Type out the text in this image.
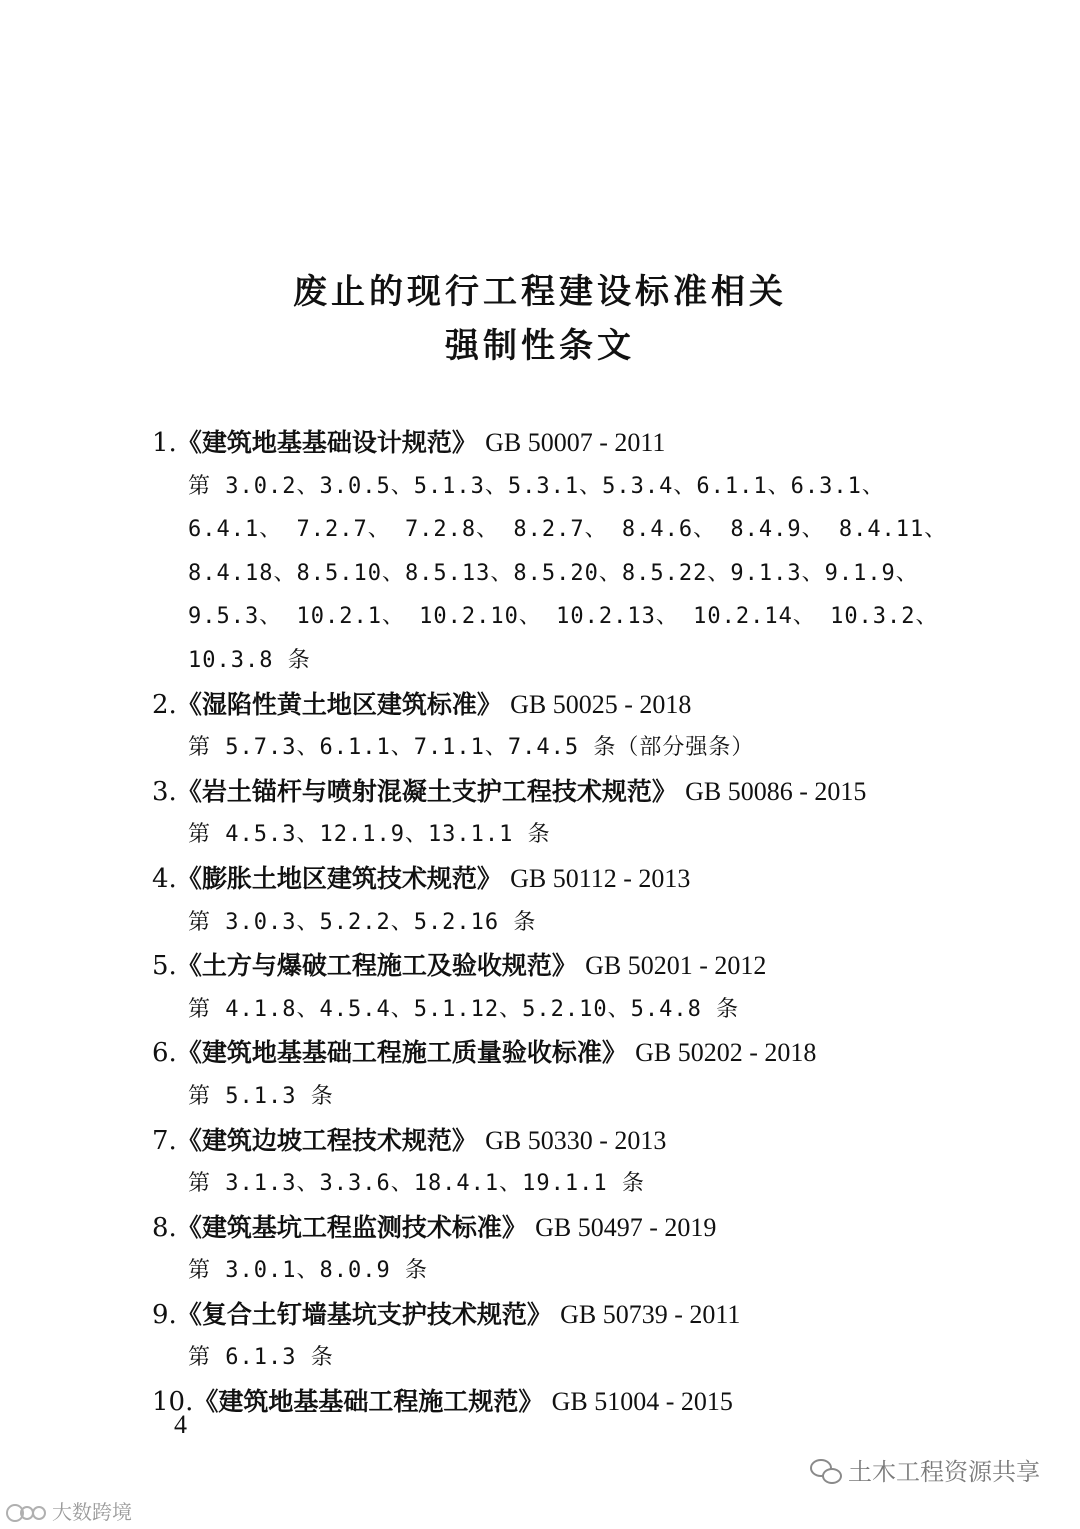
废止的现行工程建设标准相关
强制性条文
1.《建筑地基基础设计规范》 GB 50007 - 2011
第 3.0.2、3.0.5、5.1.3、5.3.1、5.3.4、6.1.1、6.3.1、
6.4.1、 7.2.7、 7.2.8、 8.2.7、 8.4.6、 8.4.9、 8.4.11、
8.4.18、8.5.10、8.5.13、8.5.20、8.5.22、9.1.3、9.1.9、
9.5.3、 10.2.1、 10.2.10、 10.2.13、 10.2.14、 10.3.2、
10.3.8 条
2.《湿陷性黄土地区建筑标准》 GB 50025 - 2018
第 5.7.3、6.1.1、7.1.1、7.4.5 条（部分强条）
3.《岩土锚杆与喷射混凝土支护工程技术规范》 GB 50086 - 2015
第 4.5.3、12.1.9、13.1.1 条
4.《膨胀土地区建筑技术规范》 GB 50112 - 2013
第 3.0.3、5.2.2、5.2.16 条
5.《土方与爆破工程施工及验收规范》 GB 50201 - 2012
第 4.1.8、4.5.4、5.1.12、5.2.10、5.4.8 条
6.《建筑地基基础工程施工质量验收标准》 GB 50202 - 2018
第 5.1.3 条
7.《建筑边坡工程技术规范》 GB 50330 - 2013
第 3.1.3、3.3.6、18.4.1、19.1.1 条
8.《建筑基坑工程监测技术标准》 GB 50497 - 2019
第 3.0.1、8.0.9 条
9.《复合土钉墙基坑支护技术规范》 GB 50739 - 2011
第 6.1.3 条
10.《建筑地基基础工程施工规范》 GB 51004 - 2015
4
土木工程资源共享
大数跨境
